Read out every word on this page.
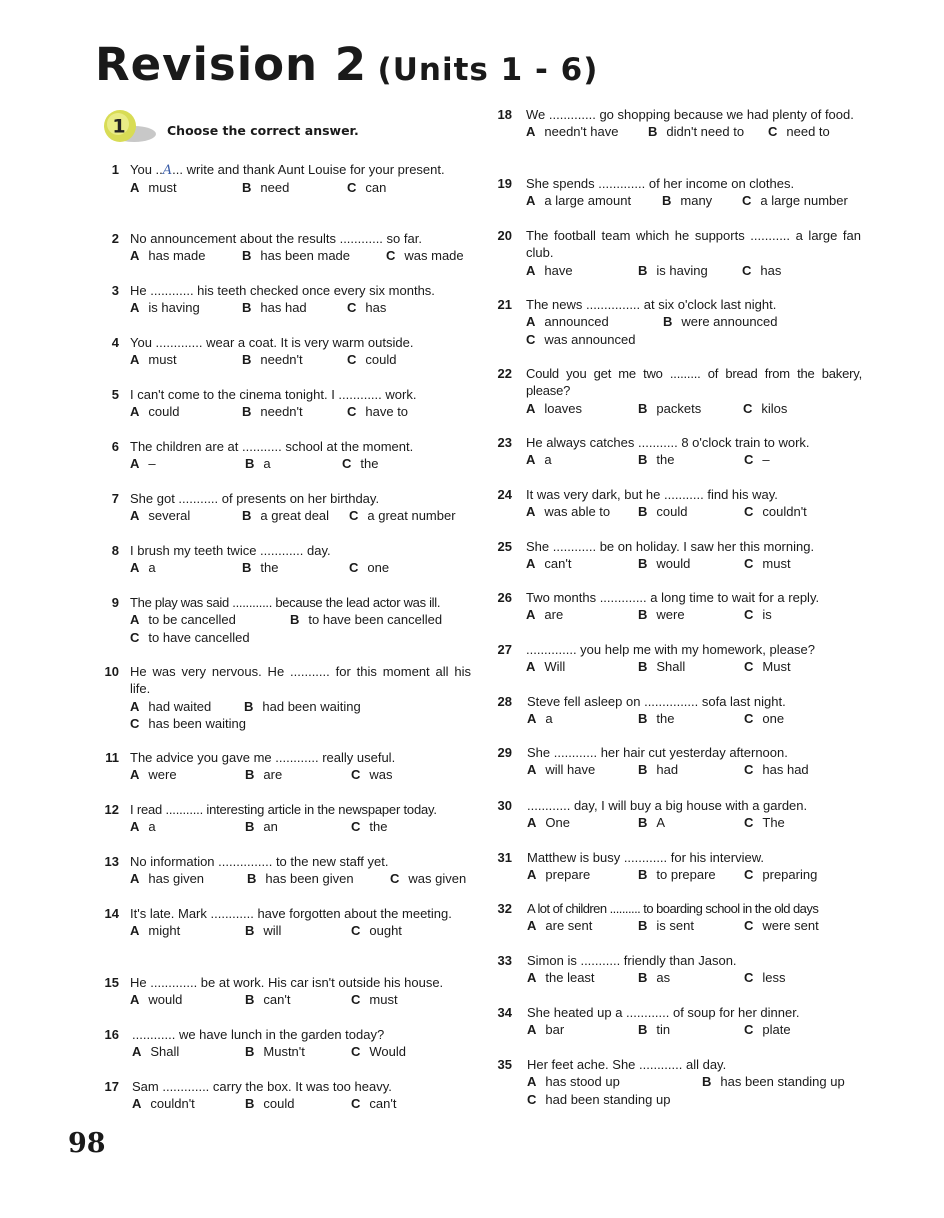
Revision 2 (Units 1 - 6)
1	Choose the correct answer.
1 You ..A... write and thank Aunt Louise for your present.
A must	B need	C can
2 No announcement about the results ............ so far.
A has made	B has been made	C was made
3 He ............ his teeth checked once every six months.
A is having	B has had	C has
4 You ............. wear a coat. It is very warm outside.
A must	B needn't	C could
5 I can't come to the cinema tonight. I ............ work.
A could	B needn't	C have to
6 The children are at ........... school at the moment.
A –	B a	C the
7 She got ........... of presents on her birthday.
A several	B a great deal C a great number
8 I brush my teeth twice ............ day.
A a	B the	C one
9 The play was said ............ because the lead actor was ill.
A to be cancelled	B to have been cancelled
C to have cancelled
10 He was very nervous. He ........... for this moment all his life.
A had waited	B had been waiting
C has been waiting
11 The advice you gave me ............ really useful.
A were	B are	C was
12 I read ........... interesting article in the newspaper today.
A a	B an	C the
13 No information ............... to the new staff yet.
A has given	B has been given	C was given
14 It's late. Mark ............ have forgotten about the meeting.
A might	B will	C ought
15 He ............. be at work. His car isn't outside his house.
A would	B can't	C must
16 ............ we have lunch in the garden today?
A Shall	B Mustn't	C Would
17 Sam ............. carry the box. It was too heavy.
A couldn't	B could	C can't
18 We ............. go shopping because we had plenty of food.
A needn't have B didn't need to C need to
19 She spends ............. of her income on clothes.
A a large amount B many C a large number
20 The football team which he supports ........... a large fan club.
A have	B is having	C has
21 The news ............... at six o'clock last night.
A announced	B were announced
C was announced
22 Could you get me two ......... of bread from the bakery, please?
A loaves	B packets	C kilos
23 He always catches ........... 8 o'clock train to work.
A a	B the	C –
24 It was very dark, but he ........... find his way.
A was able to B could	C couldn't
25 She ............ be on holiday. I saw her this morning.
A can't	B would	C must
26 Two months ............. a long time to wait for a reply.
A are	B were	C is
27 .............. you help me with my homework, please?
A Will	B Shall	C Must
28 Steve fell asleep on ............... sofa last night.
A a	B the	C one
29 She ............ her hair cut yesterday afternoon.
A will have	B had	C has had
30 ............ day, I will buy a big house with a garden.
A One	B A	C The
31 Matthew is busy ............ for his interview.
A prepare	B to prepare C preparing
32 A lot of children .......... to boarding school in the old days
A are sent	B is sent	C were sent
33 Simon is ........... friendly than Jason.
A the least	B as	C less
34 She heated up a ............ of soup for her dinner.
A bar	B tin	C plate
35 Her feet ache. She ............ all day.
A has stood up	B has been standing up
C had been standing up
98
